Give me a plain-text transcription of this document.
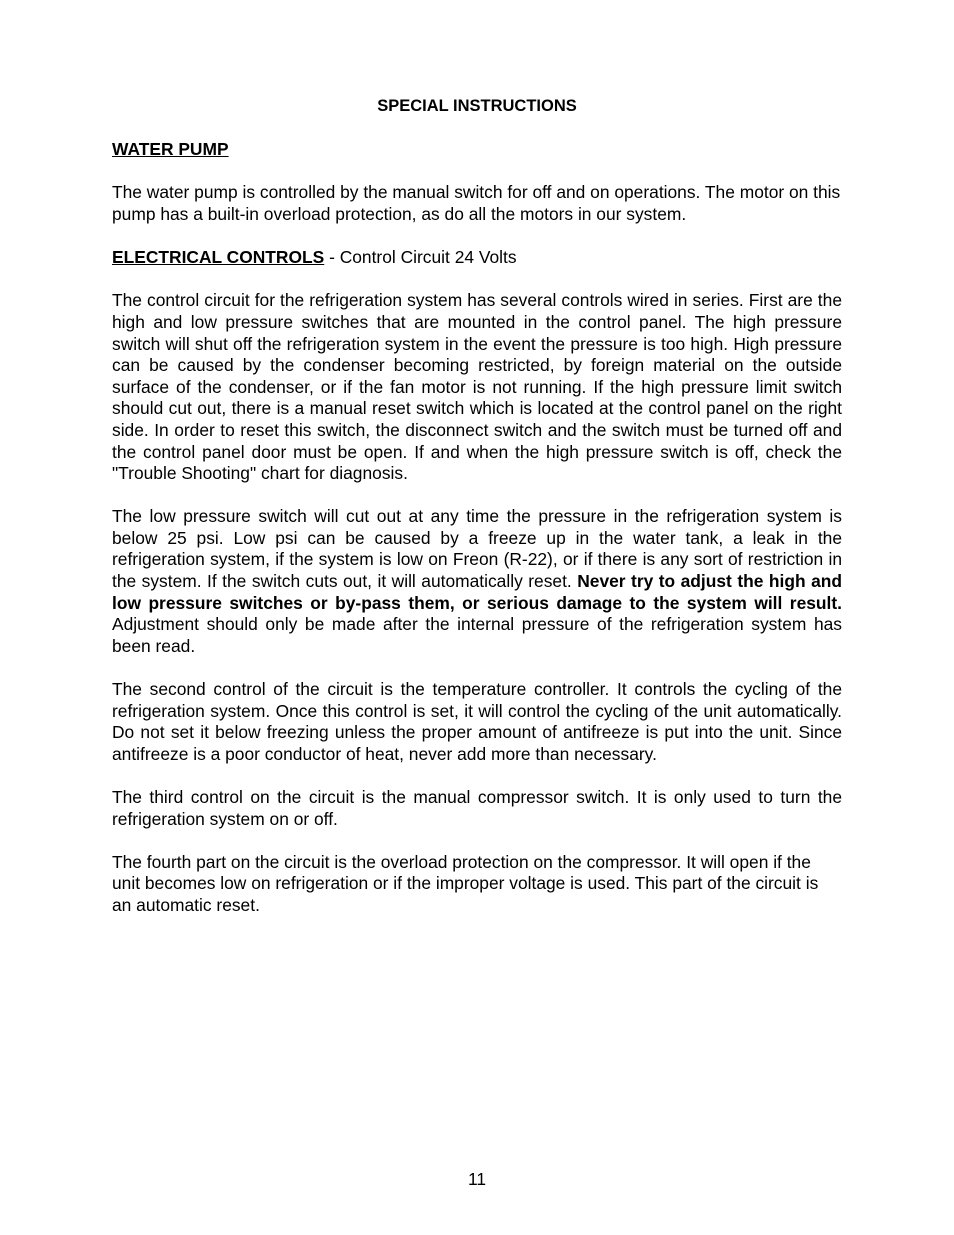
SPECIAL INSTRUCTIONS
WATER PUMP

The water pump is controlled by the manual switch for off and on operations. The motor on this pump has a built-in overload protection, as do all the motors in our system.

ELECTRICAL CONTROLS - Control Circuit 24 Volts

The control circuit for the refrigeration system has several controls wired in series. First are the high and low pressure switches that are mounted in the control panel. The high pressure switch will shut off the refrigeration system in the event the pressure is too high. High pressure can be caused by the condenser becoming restricted, by foreign material on the outside surface of the condenser, or if the fan motor is not running. If the high pressure limit switch should cut out, there is a manual reset switch which is located at the control panel on the right side. In order to reset this switch, the disconnect switch and the switch must be turned off and the control panel door must be open. If and when the high pressure switch is off, check the "Trouble Shooting" chart for diagnosis.

The low pressure switch will cut out at any time the pressure in the refrigeration system is below 25 psi. Low psi can be caused by a freeze up in the water tank, a leak in the refrigeration system, if the system is low on Freon (R-22), or if there is any sort of restriction in the system. If the switch cuts out, it will automatically reset. Never try to adjust the high and low pressure switches or by-pass them, or serious damage to the system will result. Adjustment should only be made after the internal pressure of the refrigeration system has been read.

The second control of the circuit is the temperature controller. It controls the cycling of the refrigeration system. Once this control is set, it will control the cycling of the unit automatically. Do not set it below freezing unless the proper amount of antifreeze is put into the unit. Since antifreeze is a poor conductor of heat, never add more than necessary.

The third control on the circuit is the manual compressor switch. It is only used to turn the refrigeration system on or off.

The fourth part on the circuit is the overload protection on the compressor. It will open if the unit becomes low on refrigeration or if the improper voltage is used. This part of the circuit is an automatic reset.

11
